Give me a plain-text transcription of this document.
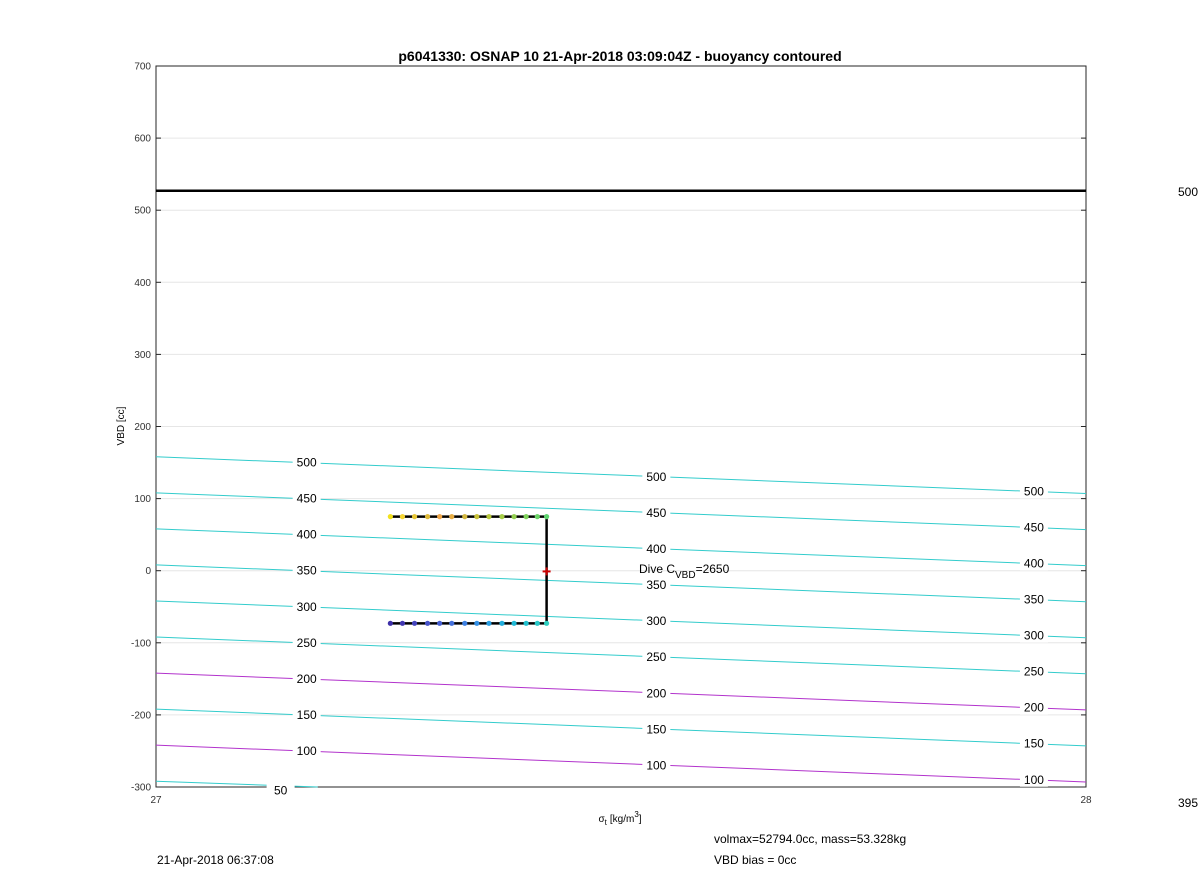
p6041330: OSNAP 10 21-Apr-2018 03:09:04Z - buoyancy contoured
700
600
500
400
300
200
100
0
-100
-200
-300
27	28
50
100
100
100
150
150
150
200
200
200
250
250
250
300
300
300
350
350
350
400
400
400
450
450
450
500
500
500
VBD [cc]
$\sigma_t$ $[kg/m^3]$
Dive $C_{VBD}=2650$
500
395
21-Apr-2018 06:37:08
volmax=52794.0cc, mass=53.328kg
VBD bias = 0cc
